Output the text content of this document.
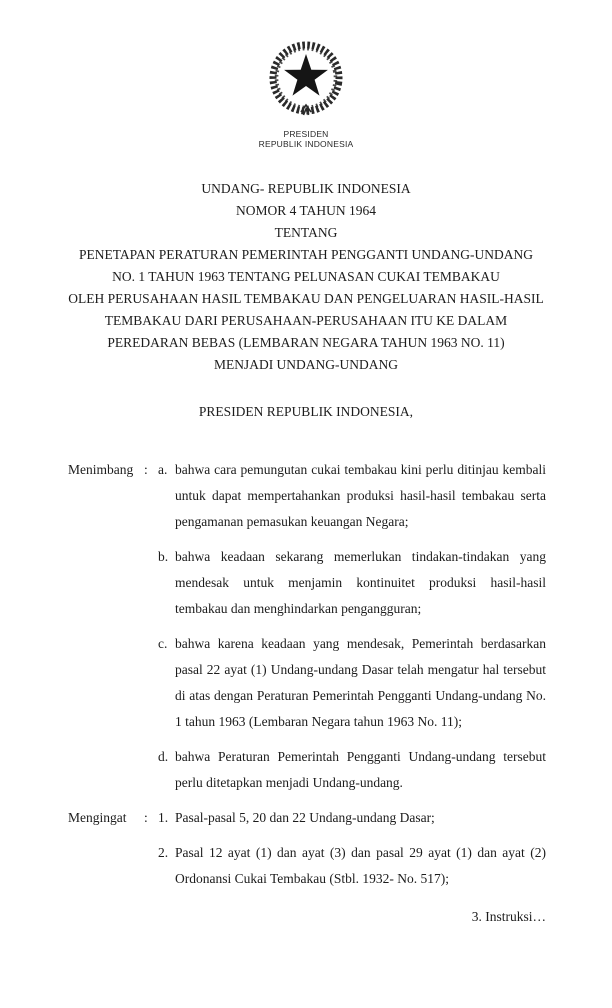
PRESIDEN
REPUBLIK INDONESIA
UNDANG- REPUBLIK INDONESIA
NOMOR 4 TAHUN 1964
TENTANG
PENETAPAN PERATURAN PEMERINTAH PENGGANTI UNDANG-UNDANG
NO. 1 TAHUN 1963 TENTANG PELUNASAN CUKAI TEMBAKAU
OLEH PERUSAHAAN HASIL TEMBAKAU DAN PENGELUARAN HASIL-HASIL
TEMBAKAU DARI PERUSAHAAN-PERUSAHAAN ITU KE DALAM
PEREDARAN BEBAS (LEMBARAN NEGARA TAHUN 1963 NO. 11)
MENJADI UNDANG-UNDANG
PRESIDEN REPUBLIK INDONESIA,
Menimbang : a. bahwa cara pemungutan cukai tembakau kini perlu ditinjau kembali untuk dapat mempertahankan produksi hasil-hasil tembakau serta pengamanan pemasukan keuangan Negara;
b. bahwa keadaan sekarang memerlukan tindakan-tindakan yang mendesak untuk menjamin kontinuitet produksi hasil-hasil tembakau dan menghindarkan pengangguran;
c. bahwa karena keadaan yang mendesak, Pemerintah berdasarkan pasal 22 ayat (1) Undang-undang Dasar telah mengatur hal tersebut di atas dengan Peraturan Pemerintah Pengganti Undang-undang No. 1 tahun 1963 (Lembaran Negara tahun 1963 No. 11);
d. bahwa Peraturan Pemerintah Pengganti Undang-undang tersebut perlu ditetapkan menjadi Undang-undang.
Mengingat	: 1. Pasal-pasal 5, 20 dan 22 Undang-undang Dasar;
2. Pasal 12 ayat (1) dan ayat (3) dan pasal 29 ayat (1) dan ayat (2) Ordonansi Cukai Tembakau (Stbl. 1932- No. 517);
3. Instruksi…
